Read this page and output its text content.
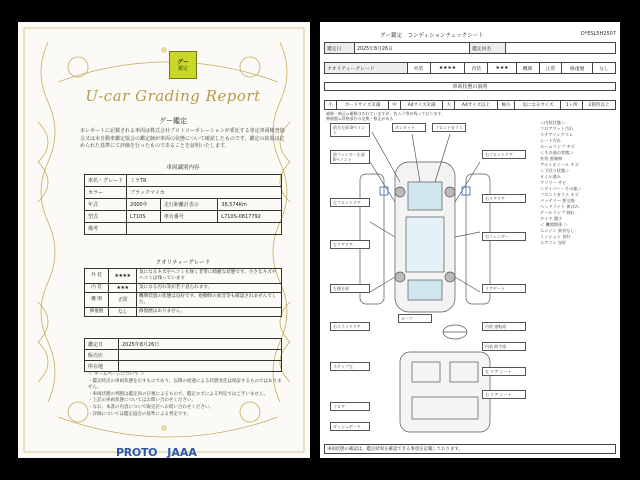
グー
鑑定
U-car Grading Report
グー鑑定
本レポートに記載される車両は株式会社プロトコーポレーションが委託する専定車両検査協会又は本自動車鑑定協会の鑑定師が車両の状態について確認したものです。鑑定の結果は定められた基準にて評価を行ったものであることを証明いたします。
車両識別内容
車名・グレード	ミラTR		
カラー	ブラックマイカ		
年式	2000年	走行距離計表示	36,574Km
型式	L710S	車台番号	L710S-0817792
備考			
クオリティーグレード
外 装	★★★★	気になるキズやヘコミも無く非常に綺麗な状態です。小さなキズやヘコミは残っています
内 装	★★★	気になる汚れ等が若干見られます。
機 関	正常	機関装置の状態は良好です。始動時の異音等も確認されませんでした。
修復歴	なし	修復歴はありません。
鑑定日	2025年8月26日
販売店	
所在地	
＜ ホームページについて ＞
・鑑定時点の車両状態を示すものであり、以降の経過による状態変化は保証するものではありません。
・車両状態の判断は鑑定員の目視によるもので、鑑定ロボによる判定ではございません。
・上記の車両状態についてはお問い合わせください。
・なお、本書の内容について販売店へお問い合わせください。
・評価については鑑定協会の基準による判定です。
PROTO JAAA
グー鑑定　コンディションチェックシート	D*ESL5H2507
鑑定日	2025年8月26日	鑑定員名	
クオリティーグレード	外装	★★★★	内装	★★★	機関	正常	修復歴	なし
車両状態の説明
小	カードサイズ未満	中	A4サイズ未満	大	A4サイズ以上	極小	気になるサイズ	1ヶ所	2箇所以上
補修・修正=補修はされていますが、色ムラ等が残っております。
修復歴=骨格部位の交換・修正がある
前方左部 Bペイント
ボンネット	フロントガラス
前フェンダー左部 Bペイント
右フロントドア
左フロントドア
右リアドア
左リアドア
右フェンダー
左後方部	リアゲート
ルーフ
右スライドドア
ステップ左
＜内装状態＞
フロアマット汚れ
ステアリングスレ
シート汚れ
ルームランプ キズ
＜その他の状態＞
外装 要補修
アルミホイール キズ
＜下回り状態＞
オイル滲み
マフラー サビ
＜ワイパー・その他＞
フロントガラス キズ
バッテリー 要交換
ヘッドライト 黄ばみ
テールランプ 割れ
タイヤ 溝少
＜ 機関関係 ＞
エンジン 異音なし
ミッション 良好
エアコン 良好
内装 運転席
内装 助手席
左 リア シート
右 リア シート
フロア
ダッシュボード
車両状態の確認は、鑑定結果を確認できる事項を記載しております。
